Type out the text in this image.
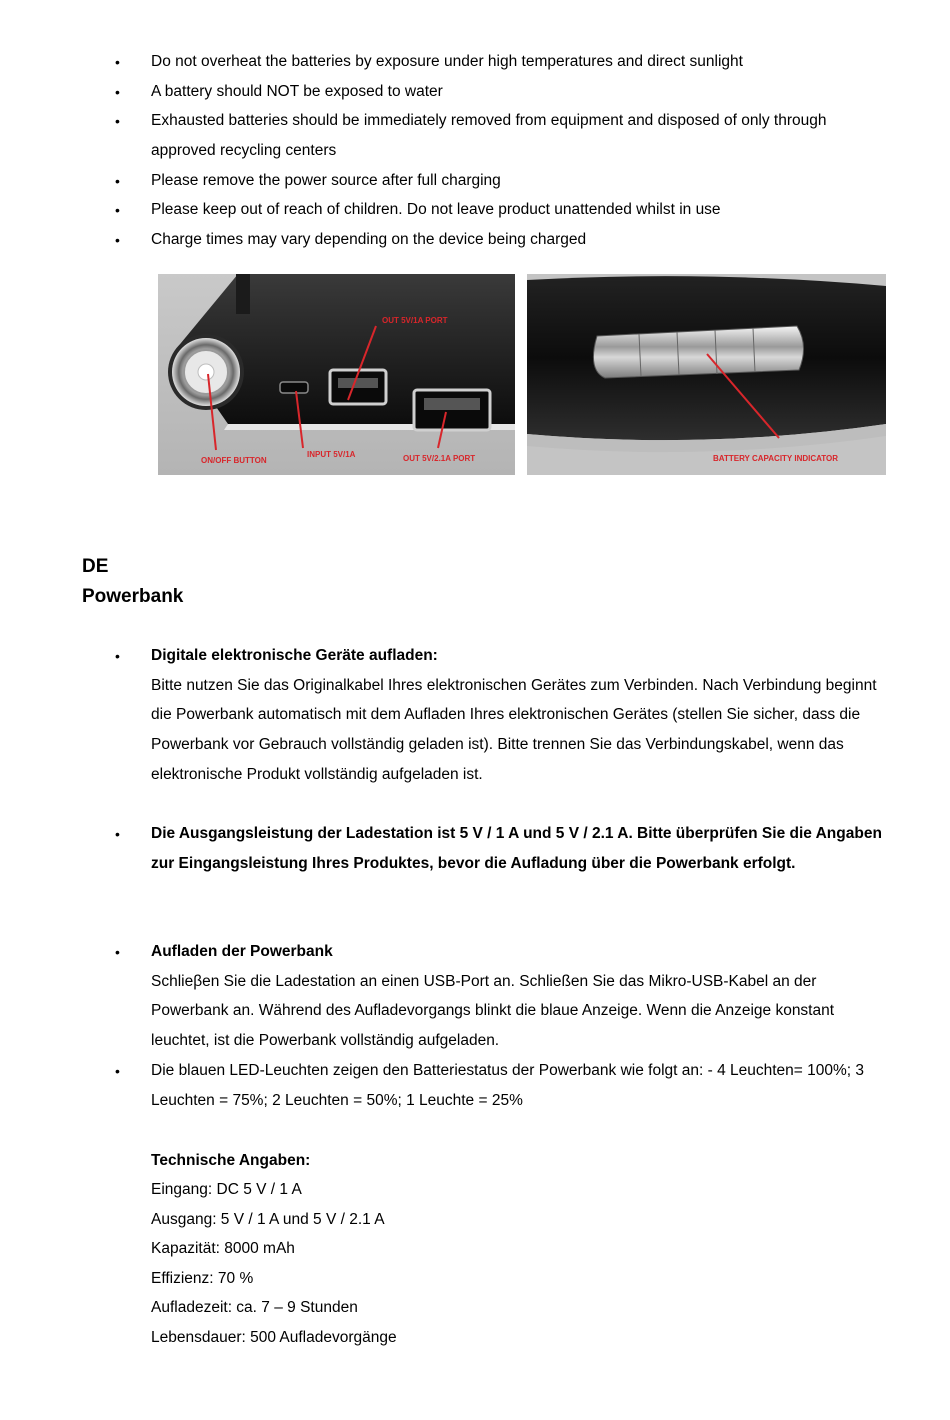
•	Do not overheat the batteries by exposure under high temperatures and direct sunlight
•	A battery should NOT be exposed to water
•	Exhausted batteries should be immediately removed from equipment and disposed of only through
approved recycling centers
•	Please remove the power source after full charging
•	Please keep out of reach of children. Do not leave product unattended whilst in use
•	Charge times may vary depending on the device being charged
OUT 5V/1A PORT
ON/OFF BUTTON
INPUT 5V/1A	OUT 5V/2.1A PORT	BATTERY CAPACITY INDICATOR
DE
Powerbank
•	Digitale elektronische Geräte aufladen:
Bitte nutzen Sie das Originalkabel Ihres elektronischen Gerätes zum Verbinden. Nach Verbindung beginnt
die Powerbank automatisch mit dem Aufladen Ihres elektronischen Gerätes (stellen Sie sicher, dass die
Powerbank vor Gebrauch vollständig geladen ist). Bitte trennen Sie das Verbindungskabel, wenn das
elektronische Produkt vollständig aufgeladen ist.
•	Die Ausgangsleistung der Ladestation ist 5 V / 1 A und 5 V / 2.1 A. Bitte überprüfen Sie die Angaben
zur Eingangsleistung Ihres Produktes, bevor die Aufladung über die Powerbank erfolgt.
•	Aufladen der Powerbank
Schlieβen Sie die Ladestation an einen USB-Port an. Schließen Sie das Mikro-USB-Kabel an der
Powerbank an. Während des Aufladevorgangs blinkt die blaue Anzeige. Wenn die Anzeige konstant
leuchtet, ist die Powerbank vollständig aufgeladen.
•	Die blauen LED-Leuchten zeigen den Batteriestatus der Powerbank wie folgt an: - 4 Leuchten= 100%; 3
Leuchten = 75%; 2 Leuchten = 50%; 1 Leuchte = 25%
Technische Angaben:
Eingang: DC 5 V / 1 A
Ausgang: 5 V / 1 A und 5 V / 2.1 A
Kapazität: 8000 mAh
Effizienz: 70 %
Aufladezeit: ca. 7 – 9 Stunden
Lebensdauer: 500 Aufladevorgänge
